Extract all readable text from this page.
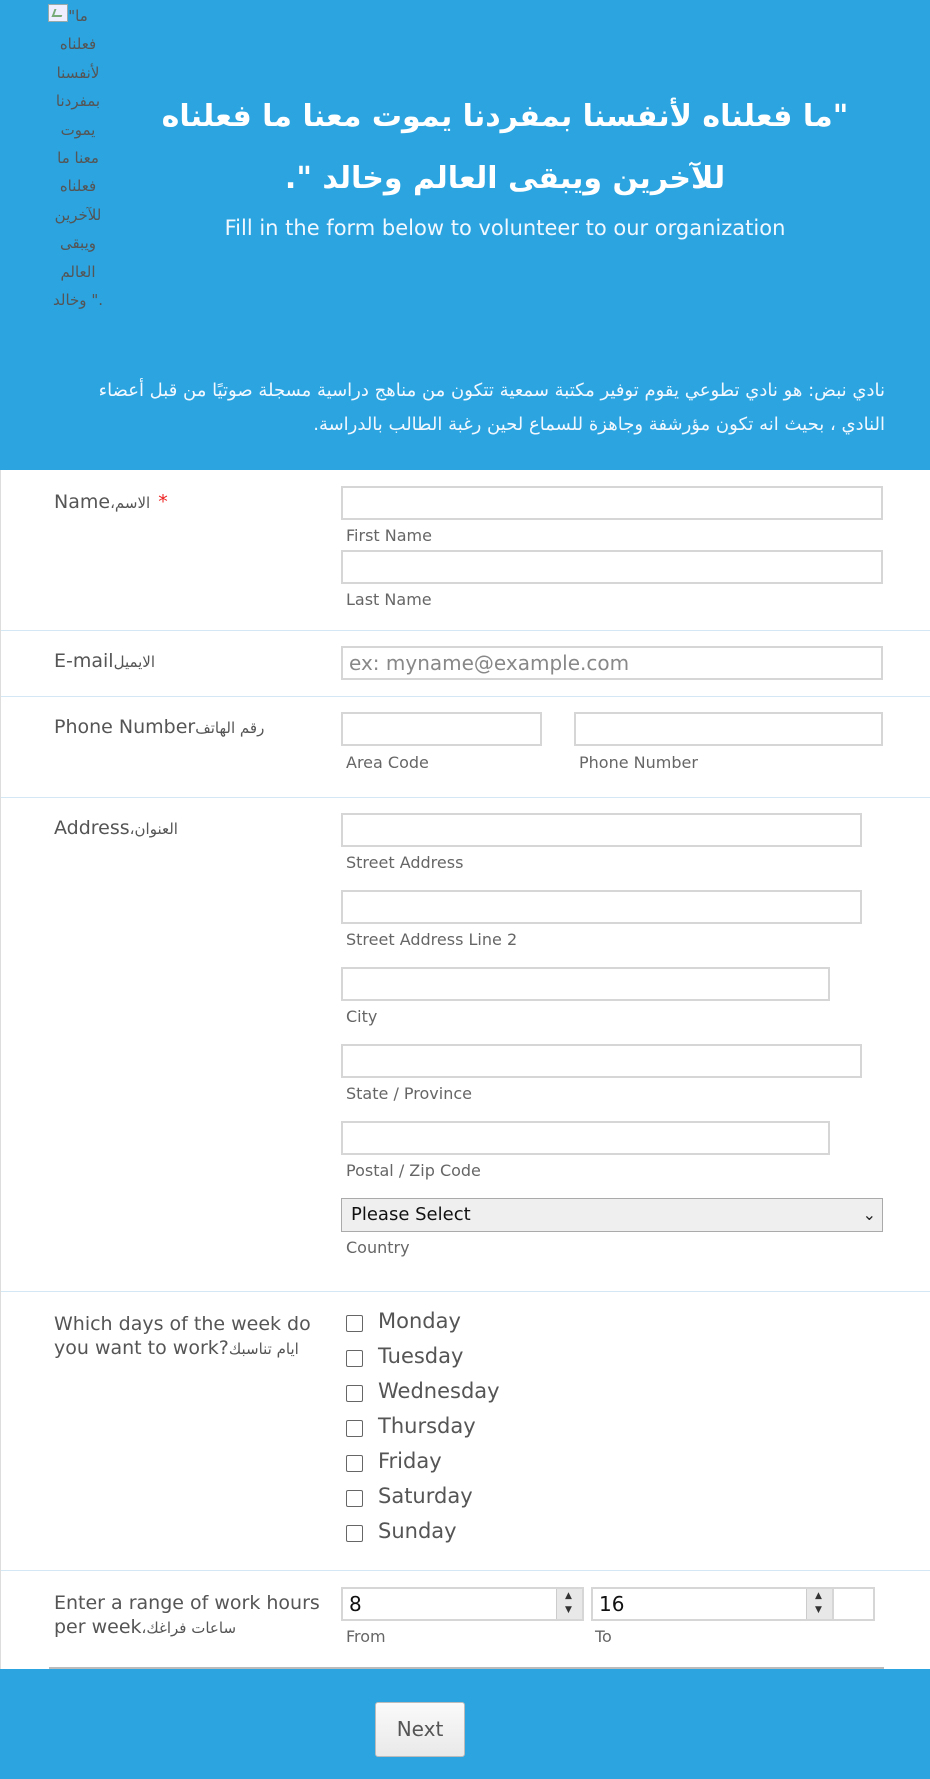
"ما فعلناه لأنفسنا بمفردنا يموت معنا ما فعلناه للآخرين ويبقى العالم وخالد ".
"ما فعلناه لأنفسنا بمفردنا يموت معنا ما فعلناه للآخرين ويبقى العالم وخالد ".
Fill in the form below to volunteer to our organization
نادي نبض: هو نادي تطوعي يقوم توفير مكتبة سمعية تتكون من مناهج دراسية مسجلة صوتيًا من قبل أعضاء النادي ، بحيث انه تكون مؤرشفة وجاهزة للسماع لحين رغبة الطالب بالدراسة.
Name،الاسم *
First Name
Last Name
E-mailالايميل	ex: myname@example.com
Phone Numberرقم الهاتف
Area Code	Phone Number
Address،العنوان
Street Address
Street Address Line 2
City
State / Province
Postal / Zip Code
Please Select	⌄
Country
Which days of the week do you want to work?ايام تناسبك
Monday
Tuesday
Wednesday
Thursday
Friday
Saturday
Sunday
Enter a range of work hours per week،ساعات فراغك
8	▲
▼
From
16	▲
▼
To
Next
